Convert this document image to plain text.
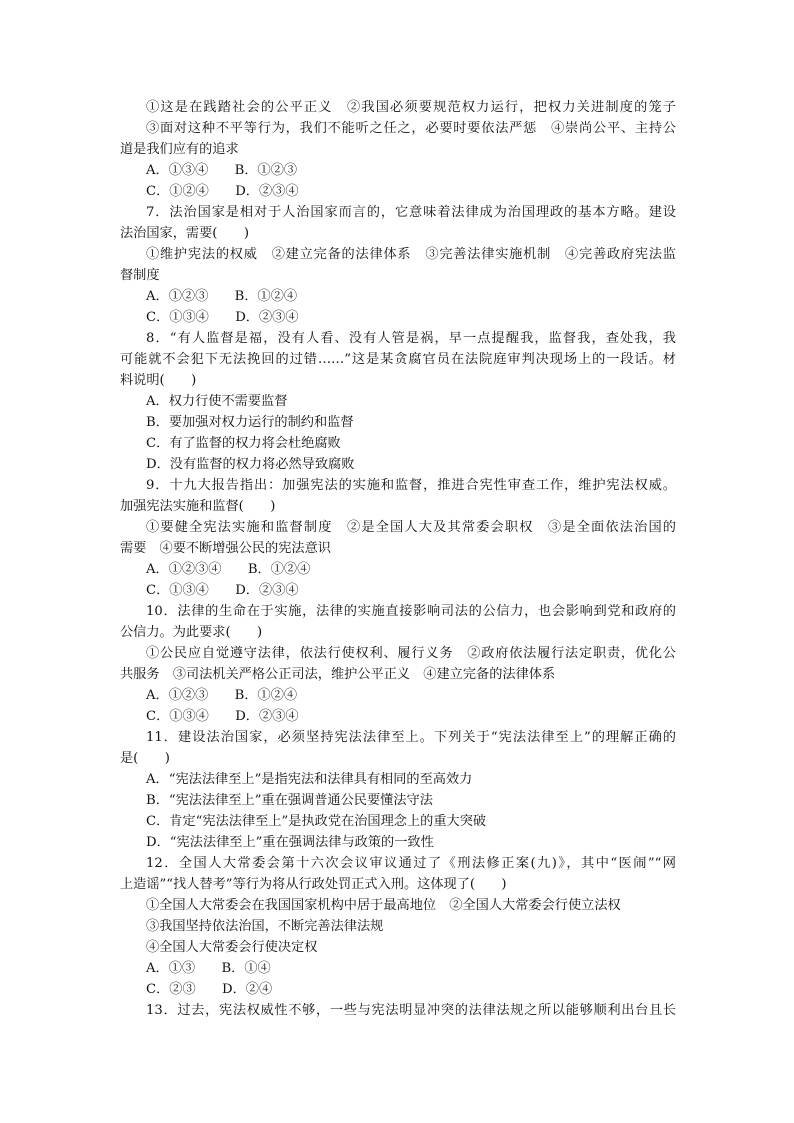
①这是在践踏社会的公平正义　②我国必须要规范权力运行，把权力关进制度的笼子
③面对这种不平等行为，我们不能听之任之，必要时要依法严惩　④崇尚公平、主持公
道是我们应有的追求
A．①③④　　B．①②③
C．①②④　　D．②③④
7．法治国家是相对于人治国家而言的，它意味着法律成为治国理政的基本方略。建设
法治国家，需要(　　)
①维护宪法的权威　②建立完备的法律体系　③完善法律实施机制　④完善政府宪法监
督制度
A．①②③　　B．①②④
C．①③④　　D．②③④
8．“有人监督是福，没有人看、没有人管是祸，早一点提醒我，监督我，查处我，我
可能就不会犯下无法挽回的过错……”这是某贪腐官员在法院庭审判决现场上的一段话。材
料说明(　　)
A．权力行使不需要监督
B．要加强对权力运行的制约和监督
C．有了监督的权力将会杜绝腐败
D．没有监督的权力将必然导致腐败
9．十九大报告指出：加强宪法的实施和监督，推进合宪性审查工作，维护宪法权威。
加强宪法实施和监督(　　)
①要健全宪法实施和监督制度　②是全国人大及其常委会职权　③是全面依法治国的
需要　④要不断增强公民的宪法意识
A．①②③④　　B．①②④
C．①③④　　D．②③④
10．法律的生命在于实施，法律的实施直接影响司法的公信力，也会影响到党和政府的
公信力。为此要求(　　)
①公民应自觉遵守法律，依法行使权利、履行义务　②政府依法履行法定职责，优化公
共服务　③司法机关严格公正司法，维护公平正义　④建立完备的法律体系
A．①②③　　B．①②④
C．①③④　　D．②③④
11．建设法治国家，必须坚持宪法法律至上。下列关于“宪法法律至上”的理解正确的
是(　　)
A．“宪法法律至上”是指宪法和法律具有相同的至高效力
B．“宪法法律至上”重在强调普通公民要懂法守法
C．肯定“宪法法律至上”是执政党在治国理念上的重大突破
D．“宪法法律至上”重在强调法律与政策的一致性
12．全国人大常委会第十六次会议审议通过了《刑法修正案(九)》，其中“医闹”“网
上造谣”“找人替考”等行为将从行政处罚正式入刑。这体现了(　　)
①全国人大常委会在我国国家机构中居于最高地位　②全国人大常委会行使立法权
③我国坚持依法治国，不断完善法律法规
④全国人大常委会行使决定权
A．①③　　B．①④
C．②③　　D．②④
13．过去，宪法权威性不够，一些与宪法明显冲突的法律法规之所以能够顺利出台且长
